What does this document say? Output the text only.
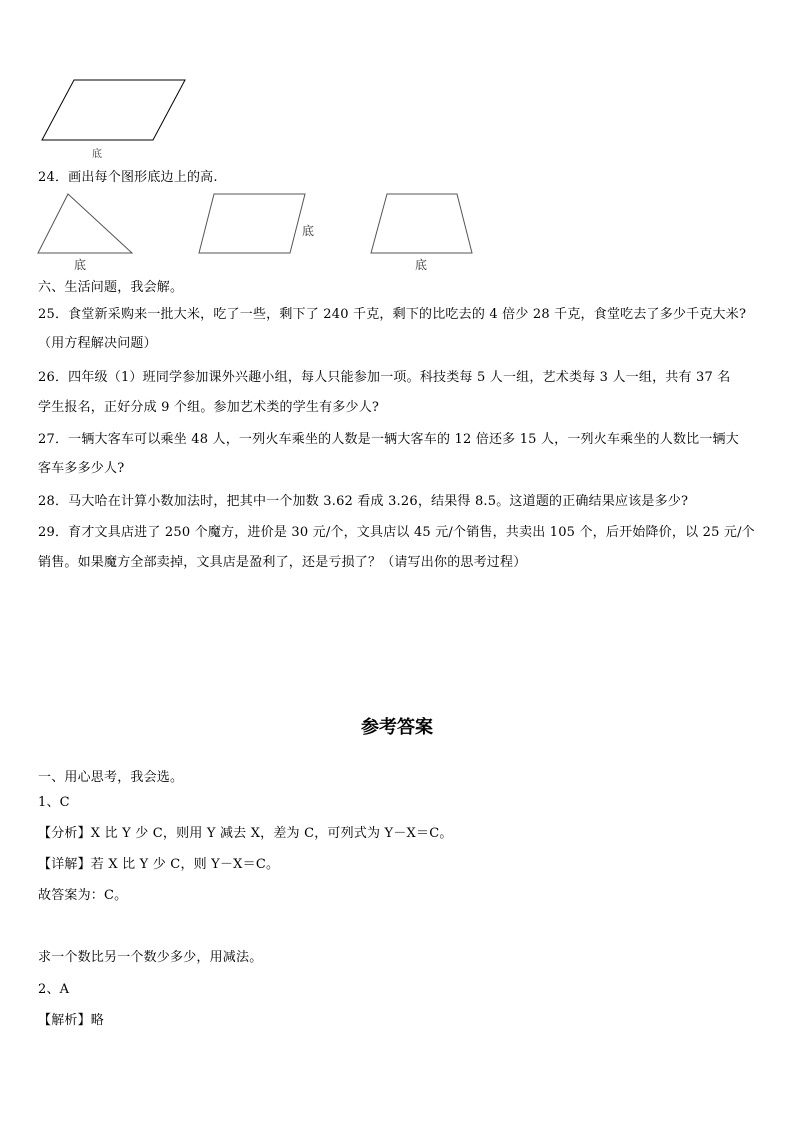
底
24．画出每个图形底边上的高.
底
底
底
六、生活问题，我会解。
25．食堂新采购来一批大米，吃了一些，剩下了 240 千克，剩下的比吃去的 4 倍少 28 千克，食堂吃去了多少千克大米?
（用方程解决问题）
26．四年级（1）班同学参加课外兴趣小组，每人只能参加一项。科技类每 5 人一组，艺术类每 3 人一组，共有 37 名
学生报名，正好分成 9 个组。参加艺术类的学生有多少人?
27．一辆大客车可以乘坐 48 人，一列火车乘坐的人数是一辆大客车的 12 倍还多 15 人，一列火车乘坐的人数比一辆大
客车多多少人?
28．马大哈在计算小数加法时，把其中一个加数 3.62 看成 3.26，结果得 8.5。这道题的正确结果应该是多少?
29．育才文具店进了 250 个魔方，进价是 30 元/个，文具店以 45 元/个销售，共卖出 105 个，后开始降价，以 25 元/个
销售。如果魔方全部卖掉，文具店是盈利了，还是亏损了？（请写出你的思考过程）
参考答案
一、用心思考，我会选。
1、C
【分析】X 比 Y 少 C，则用 Y 减去 X，差为 C，可列式为 Y－X＝C。
【详解】若 X 比 Y 少 C，则 Y－X＝C。
故答案为：C。
求一个数比另一个数少多少，用减法。
2、A
【解析】略
